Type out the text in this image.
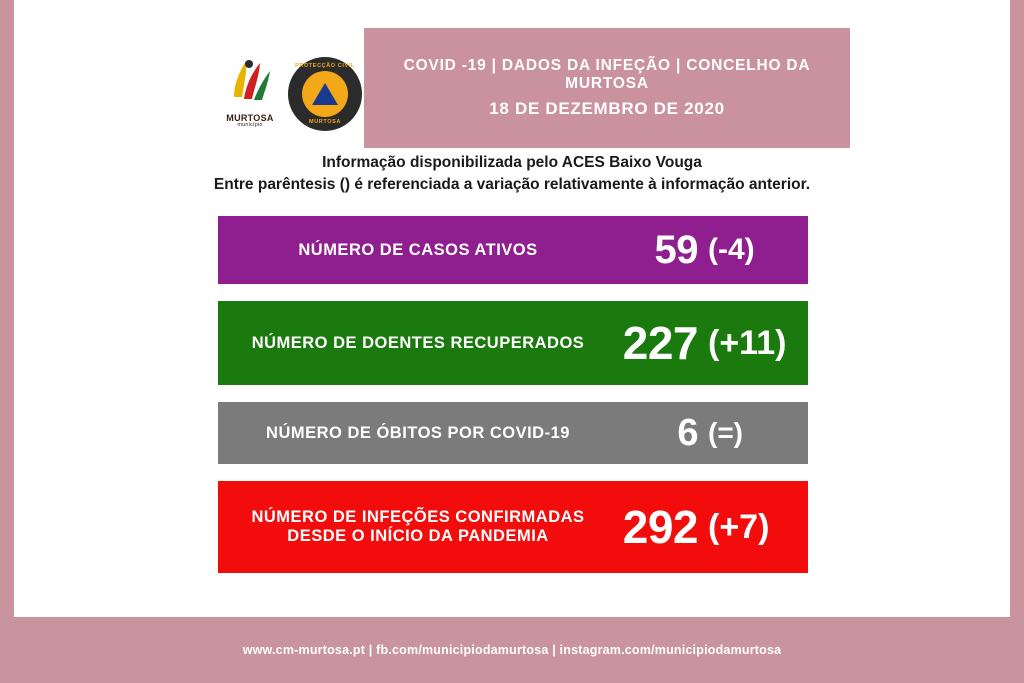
MURTOSA
município
PROTECÇÃO CIVIL
MURTOSA
COVID -19 | DADOS DA INFEÇÃO | CONCELHO DA MURTOSA
18 DE DEZEMBRO DE 2020
Informação disponibilizada pelo ACES Baixo Vouga
Entre parêntesis () é referenciada a variação relativamente à informação anterior.
NÚMERO DE CASOS ATIVOS	59 (-4)
NÚMERO DE DOENTES RECUPERADOS 227 (+11)
NÚMERO DE ÓBITOS POR COVID-19	6 (=)
NÚMERO DE INFEÇÕES CONFIRMADAS
DESDE O INÍCIO DA PANDEMIA	292 (+7)
www.cm-murtosa.pt | fb.com/municipiodamurtosa | instagram.com/municipiodamurtosa
